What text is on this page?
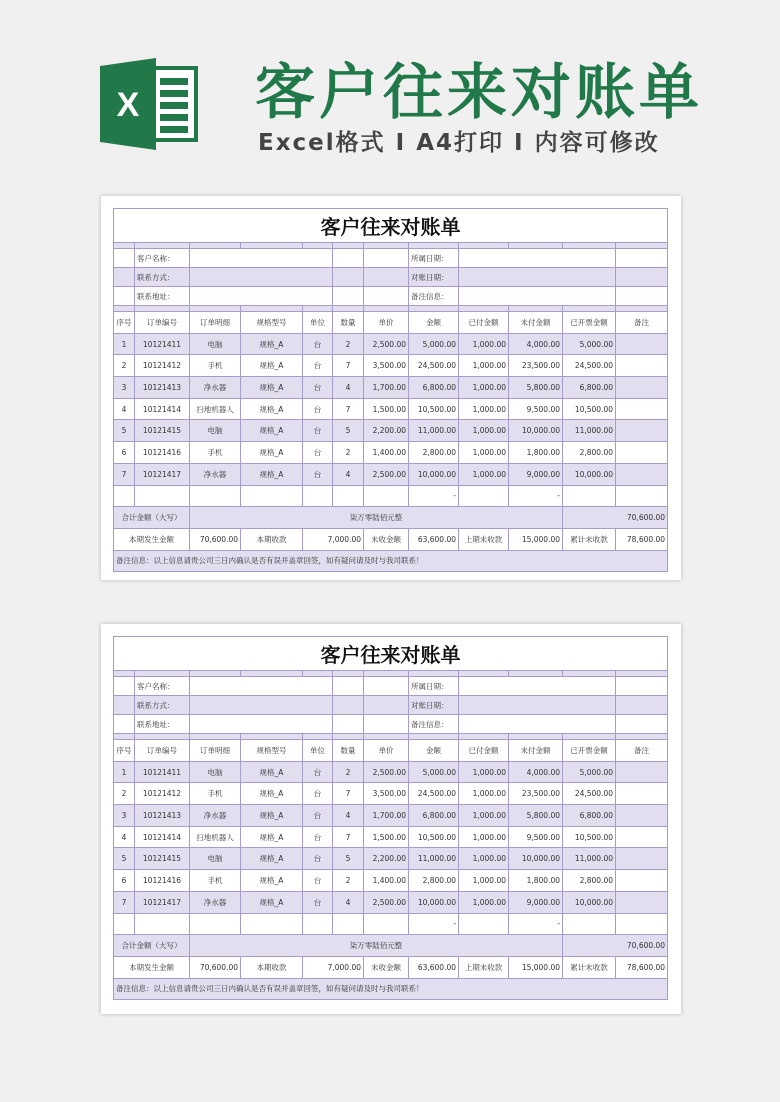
X 客户往来对账单
Excel格式 I A4打印 I 内容可修改
客户往来对账单											

	客户名称：						所属日期：				
	联系方式：						对账日期：				
	联系地址：						备注信息：				

序号	订单编号	订单明细	规格型号	单位	数量	单价	金额	已付金额	未付金额	已开票金额	备注
1	10121411	电脑	规格_A	台	2	2,500.00	5,000.00	1,000.00	4,000.00	5,000.00	
2	10121412	手机	规格_A	台	7	3,500.00	24,500.00	1,000.00	23,500.00	24,500.00	
3	10121413	净水器	规格_A	台	4	1,700.00	6,800.00	1,000.00	5,800.00	6,800.00	
4	10121414	扫地机器人	规格_A	台	7	1,500.00	10,500.00	1,000.00	9,500.00	10,500.00	
5	10121415	电脑	规格_A	台	5	2,200.00	11,000.00	1,000.00	10,000.00	11,000.00	
6	10121416	手机	规格_A	台	2	1,400.00	2,800.00	1,000.00	1,800.00	2,800.00	
7	10121417	净水器	规格_A	台	4	2,500.00	10,000.00	1,000.00	9,000.00	10,000.00	
							-		-		
合计金额（大写）		柒万零陆佰元整								70,600.00	
本期发生金额		70,600.00	本期收款	7,000.00		未收金额	63,600.00	上期未收款	15,000.00	累计未收款	78,600.00
备注信息：以上信息请贵公司三日内确认是否有误并盖章回签，如有疑问请及时与我司联系！											
客户往来对账单											

	客户名称：						所属日期：				
	联系方式：						对账日期：				
	联系地址：						备注信息：				

序号	订单编号	订单明细	规格型号	单位	数量	单价	金额	已付金额	未付金额	已开票金额	备注
1	10121411	电脑	规格_A	台	2	2,500.00	5,000.00	1,000.00	4,000.00	5,000.00	
2	10121412	手机	规格_A	台	7	3,500.00	24,500.00	1,000.00	23,500.00	24,500.00	
3	10121413	净水器	规格_A	台	4	1,700.00	6,800.00	1,000.00	5,800.00	6,800.00	
4	10121414	扫地机器人	规格_A	台	7	1,500.00	10,500.00	1,000.00	9,500.00	10,500.00	
5	10121415	电脑	规格_A	台	5	2,200.00	11,000.00	1,000.00	10,000.00	11,000.00	
6	10121416	手机	规格_A	台	2	1,400.00	2,800.00	1,000.00	1,800.00	2,800.00	
7	10121417	净水器	规格_A	台	4	2,500.00	10,000.00	1,000.00	9,000.00	10,000.00	
							-		-		
合计金额（大写）		柒万零陆佰元整								70,600.00	
本期发生金额		70,600.00	本期收款	7,000.00		未收金额	63,600.00	上期未收款	15,000.00	累计未收款	78,600.00
备注信息：以上信息请贵公司三日内确认是否有误并盖章回签，如有疑问请及时与我司联系！											
